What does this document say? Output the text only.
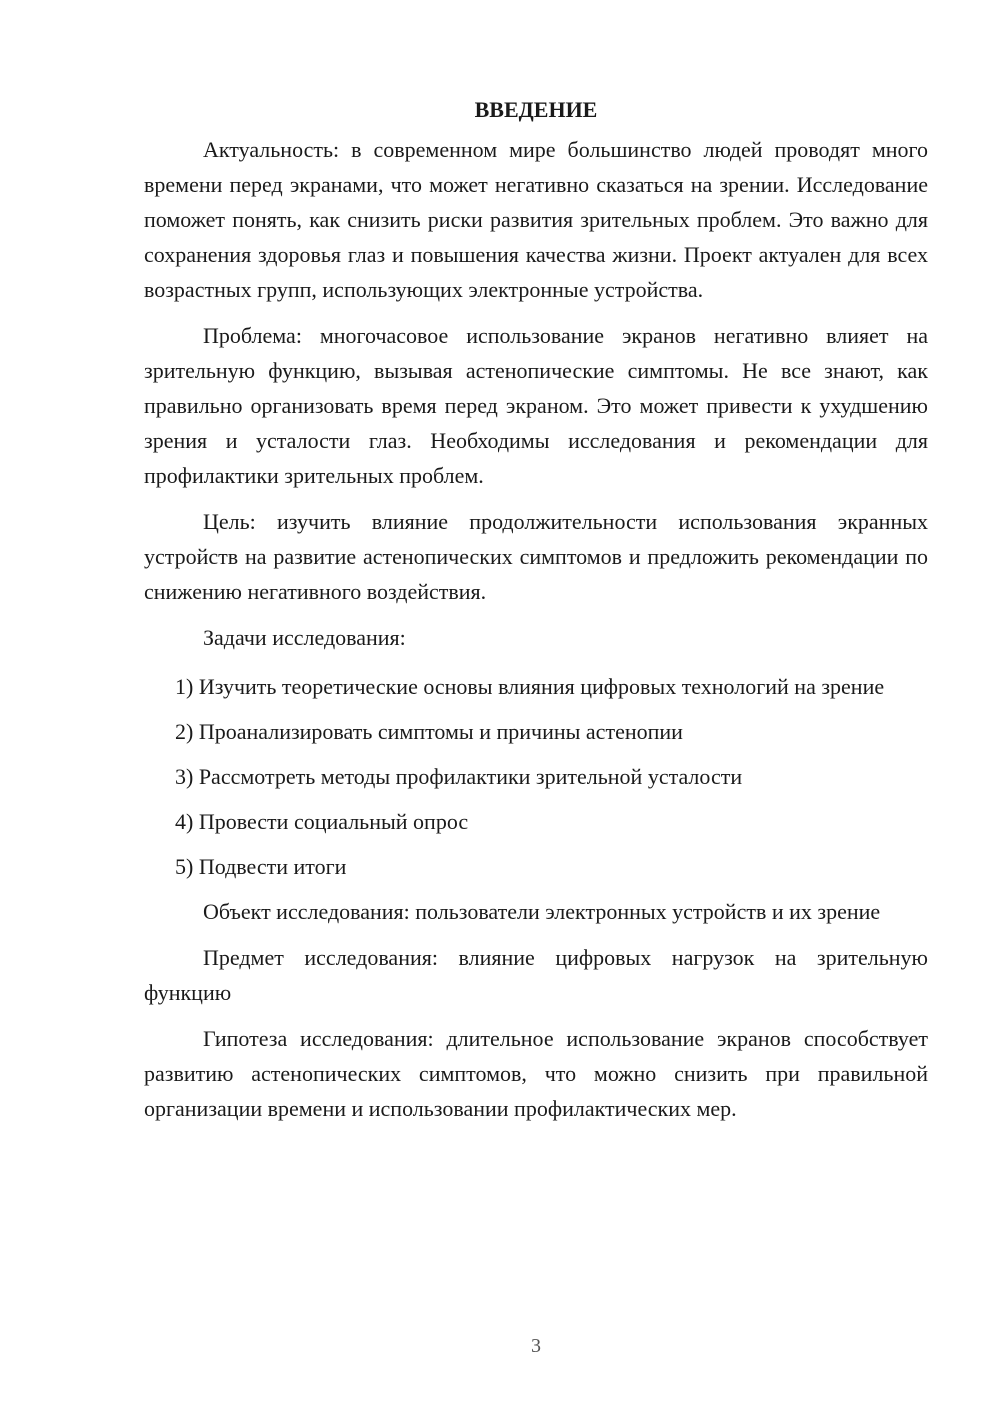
ВВЕДЕНИЕ

Актуальность: в современном мире большинство людей проводят много времени перед экранами, что может негативно сказаться на зрении. Исследование поможет понять, как снизить риски развития зрительных проблем. Это важно для сохранения здоровья глаз и повышения качества жизни. Проект актуален для всех возрастных групп, использующих электронные устройства.

Проблема: многочасовое использование экранов негативно влияет на зрительную функцию, вызывая астенопические симптомы. Не все знают, как правильно организовать время перед экраном. Это может привести к ухудшению зрения и усталости глаз. Необходимы исследования и рекомендации для профилактики зрительных проблем.

Цель: изучить влияние продолжительности использования экранных устройств на развитие астенопических симптомов и предложить рекомендации по снижению негативного воздействия.

Задачи исследования:

1) Изучить теоретические основы влияния цифровых технологий на зрение

2) Проанализировать симптомы и причины астенопии

3) Рассмотреть методы профилактики зрительной усталости

4) Провести социальный опрос

5) Подвести итоги

Объект исследования: пользователи электронных устройств и их зрение

Предмет исследования: влияние цифровых нагрузок на зрительную функцию

Гипотеза исследования: длительное использование экранов способствует развитию астенопических симптомов, что можно снизить при правильной организации времени и использовании профилактических мер.

3
